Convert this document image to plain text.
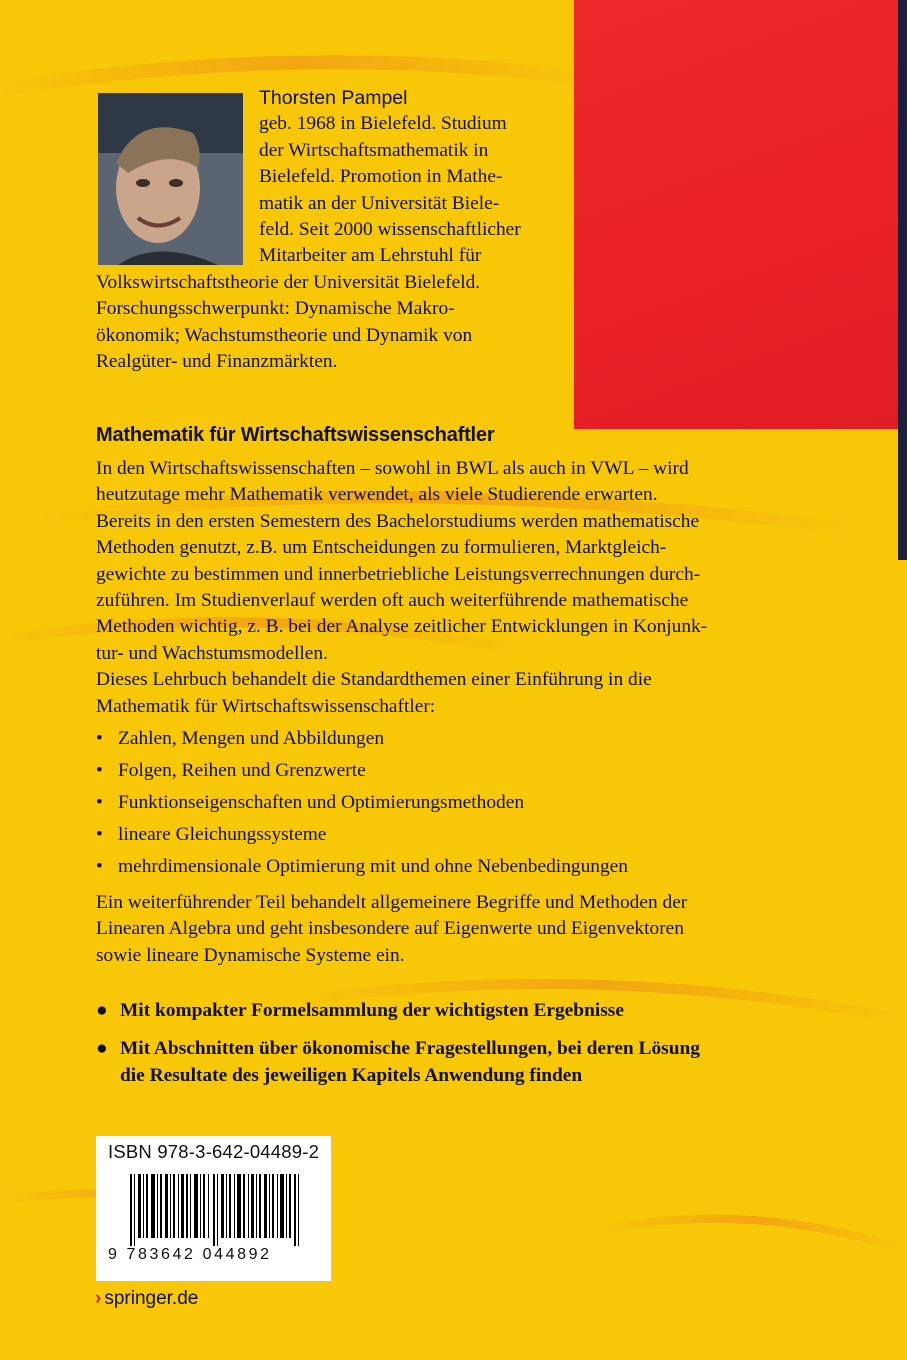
Thorsten Pampel
geb. 1968 in Bielefeld. Studium
der Wirtschaftsmathematik in
Bielefeld. Promotion in Mathe-
matik an der Universität Biele-
feld. Seit 2000 wissenschaftlicher
Mitarbeiter am Lehrstuhl für
Volkswirtschaftstheorie der Universität Bielefeld.
Forschungsschwerpunkt: Dynamische Makro-
ökonomik; Wachstumstheorie und Dynamik von
Realgüter- und Finanzmärkten.
Mathematik für Wirtschaftswissenschaftler
In den Wirtschaftswissenschaften – sowohl in BWL als auch in VWL – wird
heutzutage mehr Mathematik verwendet, als viele Studierende erwarten.
Bereits in den ersten Semestern des Bachelorstudiums werden mathematische
Methoden genutzt, z.B. um Entscheidungen zu formulieren, Marktgleich-
gewichte zu bestimmen und innerbetriebliche Leistungsverrechnungen durch-
zuführen. Im Studienverlauf werden oft auch weiterführende mathematische
Methoden wichtig, z. B. bei der Analyse zeitlicher Entwicklungen in Konjunk-
tur- und Wachstumsmodellen.
Dieses Lehrbuch behandelt die Standardthemen einer Einführung in die
Mathematik für Wirtschaftswissenschaftler:
• Zahlen, Mengen und Abbildungen
• Folgen, Reihen und Grenzwerte
• Funktionseigenschaften und Optimierungsmethoden
• lineare Gleichungssysteme
• mehrdimensionale Optimierung mit und ohne Nebenbedingungen
Ein weiterführender Teil behandelt allgemeinere Begriffe und Methoden der
Linearen Algebra und geht insbesondere auf Eigenwerte und Eigenvektoren
sowie lineare Dynamische Systeme ein.
● Mit kompakter Formelsammlung der wichtigsten Ergebnisse
● Mit Abschnitten über ökonomische Fragestellungen, bei deren Lösung
die Resultate des jeweiligen Kapitels Anwendung finden
ISBN 978-3-642-04489-2
9 783642 044892
› springer.de
